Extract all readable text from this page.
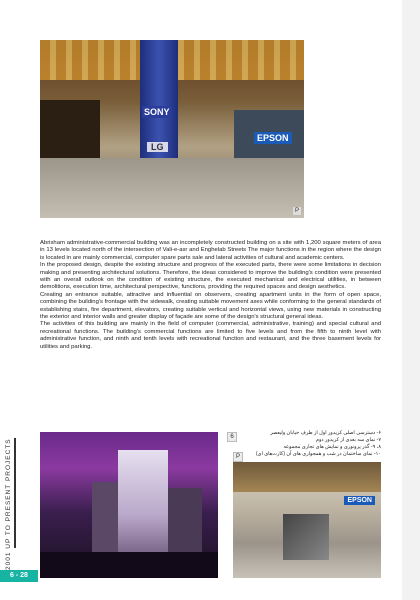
SONY
LG
EPSON
P

Abrisham administrative-commercial building was an incompletely constructed building on a site with 1,200 square meters of area in 13 levels located north of the intersection of Vali-e-asr and Enghelab Streets The major functions in the region where the design is located in are mainly commercial, computer spare parts sale and lateral activities of cultural and academic centers.

In the proposed design, despite the existing structure and progress of the executed parts, there were some limitations in decision making and presenting architectural solutions. Therefore, the ideas considered to improve the building's condition were presented with an overall outlook on the condition of existing structure, the executed mechanical and electrical utilities, in between demolitions, execution time, architectural perspective, functions, providing the required spaces and design aesthetics.

Creating an entrance suitable, attractive and influential on observers, creating apartment units in the form of open space, combining the building's frontage with the sidewalk, creating suitable movement axes while conforming to the general standards of establishing stairs, fire department, elevators, creating suitable vertical and horizontal views, using new materials in constructing the exterior and interior walls and greater display of façade are some of the design's structural general ideas.

The activities of this building are mainly in the field of computer (commercial, administrative, training) and special cultural and recreational functions. The building's commercial functions are limited to five levels and from the fifth to ninth level with administrative function, and ninth and tenth levels with recreational function and restaurant, and the three basement levels for utilities and parking.

6
۶- دسترسی اصلی کریدور اول از طرف خیابان ولیعصر
۷- نمای سه بعدی از کریدور دوم
۸، ۹- گذر پرونوری و نمایش های تجاری مجموعه
۱۰- نمای ساختمان در شب و همجواری های آن (کارت‌های ای)
P
EPSON
2001 UP TO PRESENT PROJECTS
6 - 28
